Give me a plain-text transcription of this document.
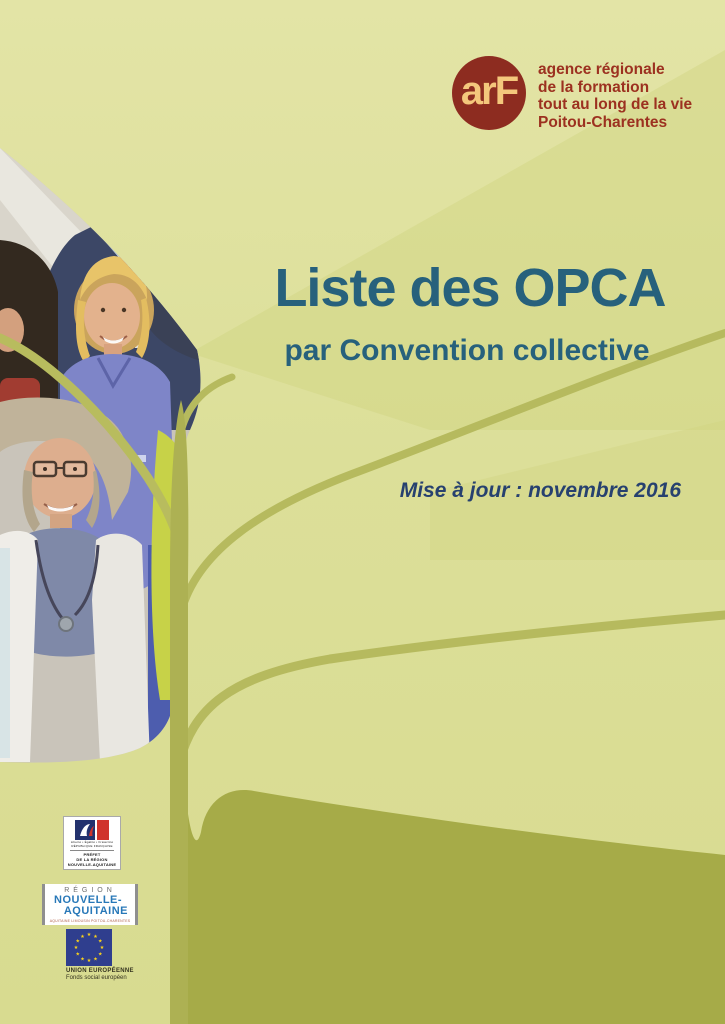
arF agence régionale
de la formation
tout au long de la vie
Poitou-Charentes
Liste des OPCA
par Convention collective
Mise à jour : novembre 2016
Liberté • Égalité • Fraternité
RÉPUBLIQUE FRANÇAISE
PRÉFET
DE LA RÉGION
NOUVELLE-AQUITAINE
RÉGION
NOUVELLE-
AQUITAINE
AQUITAINE LIMOUSIN POITOU-CHARENTES
★
★
★
★
★
★
★
★
★ ★ ★
★
UNION EUROPÉENNE
Fonds social européen
